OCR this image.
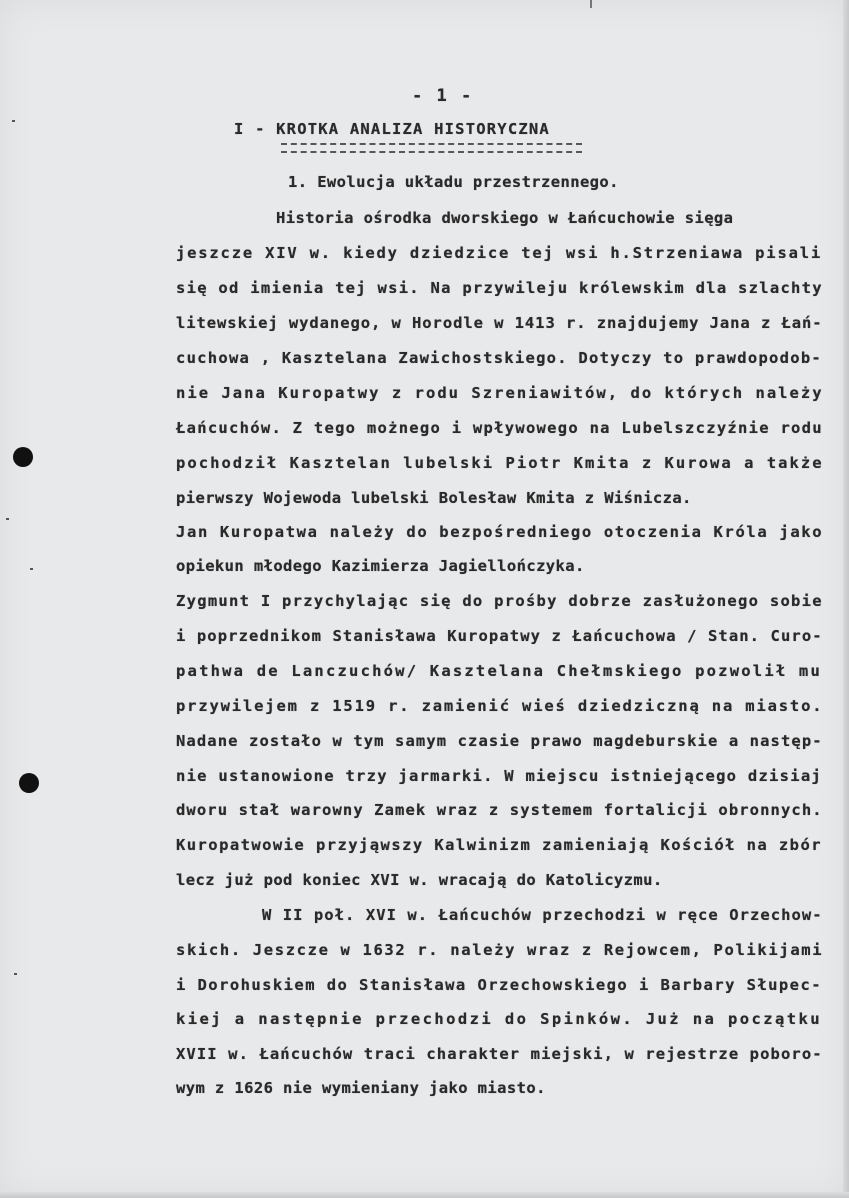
- 1 -
I - KROTKA ANALIZA HISTORYCZNA
1. Ewolucja układu przestrzennego.
Historia ośrodka dworskiego w Łańcuchowie sięga
jeszcze XIV w. kiedy dziedzice tej wsi h.Strzeniawa pisali
się od imienia tej wsi. Na przywileju królewskim dla szlachty
litewskiej wydanego, w Horodle w 1413 r. znajdujemy Jana z Łań-
cuchowa , Kasztelana Zawichostskiego. Dotyczy to prawdopodob-
nie Jana Kuropatwy z rodu Szreniawitów, do których należy
Łańcuchów. Z tego możnego i wpływowego na Lubelszczyźnie rodu
pochodził Kasztelan lubelski Piotr Kmita z Kurowa a także
pierwszy Wojewoda lubelski Bolesław Kmita z Wiśnicza.
Jan Kuropatwa należy do bezpośredniego otoczenia Króla jako
opiekun młodego Kazimierza Jagiellończyka.
Zygmunt I przychylając się do prośby dobrze zasłużonego sobie
i poprzednikom Stanisława Kuropatwy z Łańcuchowa / Stan. Curo-
pathwa de Lanczuchów/ Kasztelana Chełmskiego pozwolił mu
przywilejem z 1519 r. zamienić wieś dziedziczną na miasto.
Nadane zostało w tym samym czasie prawo magdeburskie a następ-
nie ustanowione trzy jarmarki. W miejscu istniejącego dzisiaj
dworu stał warowny Zamek wraz z systemem fortalicji obronnych.
Kuropatwowie przyjąwszy Kalwinizm zamieniają Kościół na zbór
lecz już pod koniec XVI w. wracają do Katolicyzmu.
W II poł. XVI w. Łańcuchów przechodzi w ręce Orzechow-
skich. Jeszcze w 1632 r. należy wraz z Rejowcem, Polikijami
i Dorohuskiem do Stanisława Orzechowskiego i Barbary Słupec-
kiej a następnie przechodzi do Spinków. Już na początku
XVII w. Łańcuchów traci charakter miejski, w rejestrze poboro-
wym z 1626 nie wymieniany jako miasto.
